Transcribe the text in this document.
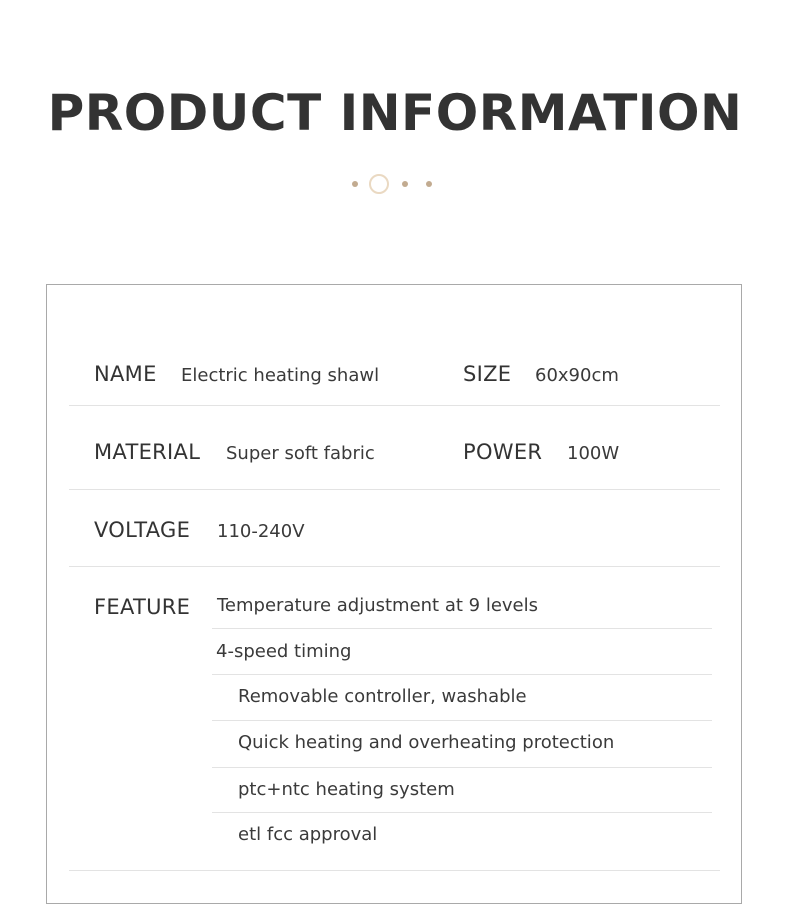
PRODUCT INFORMATION
NAME Electric heating shawl	SIZE 60x90cm
MATERIAL Super soft fabric	POWER 100W
VOLTAGE 110-240V
FEATURE Temperature adjustment at 9 levels
4-speed timing
Removable controller, washable
Quick heating and overheating protection
ptc+ntc heating system
etl fcc approval
